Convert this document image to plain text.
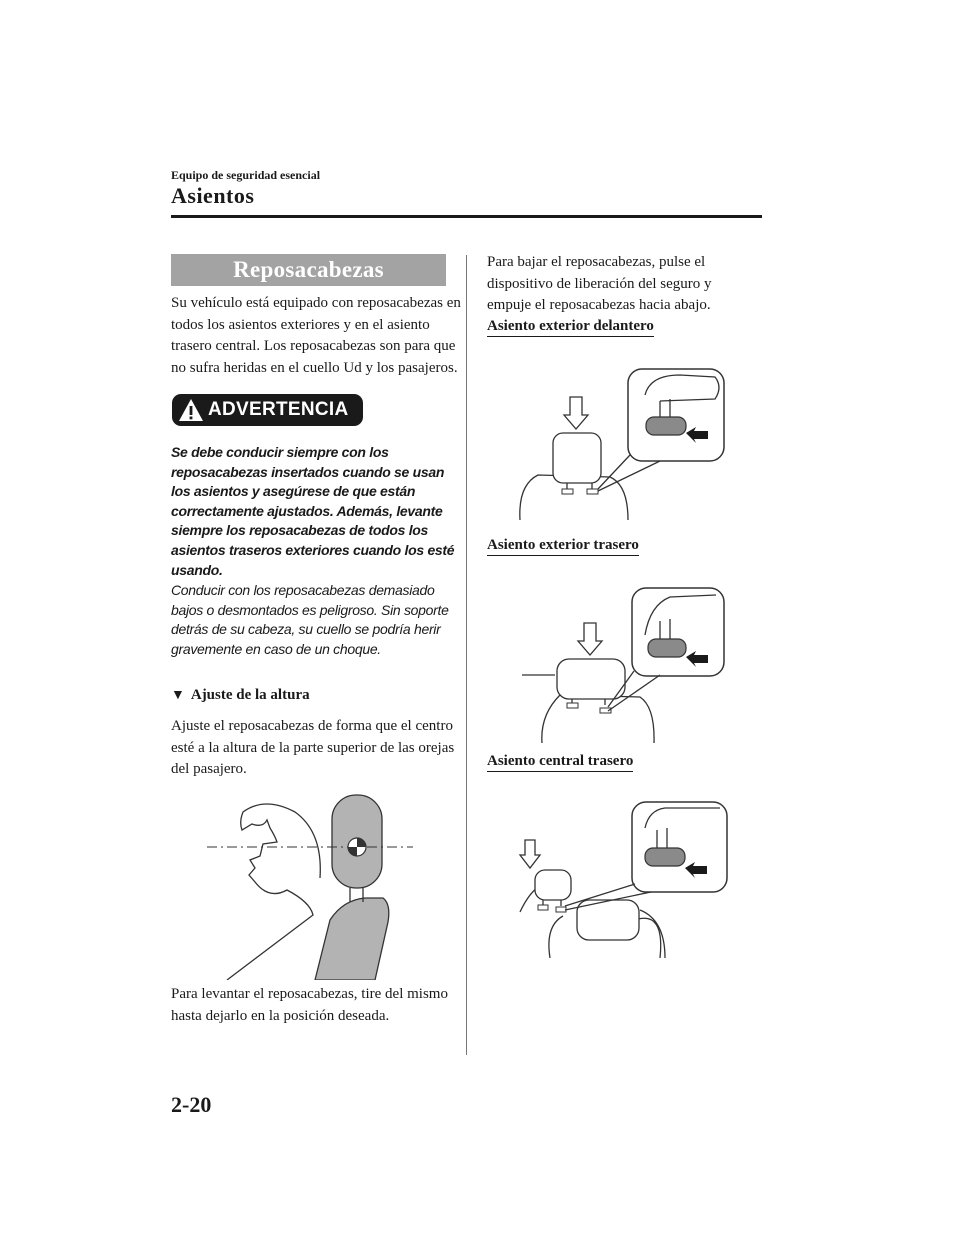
Equipo de seguridad esencial
Asientos
Reposacabezas
Su vehículo está equipado con reposacabezas en todos los asientos exteriores y en el asiento trasero central. Los reposacabezas son para que no sufra heridas en el cuello Ud y los pasajeros.
ADVERTENCIA
Se debe conducir siempre con los reposacabezas insertados cuando se usan los asientos y asegúrese de que están correctamente ajustados. Además, levante siempre los reposacabezas de todos los asientos traseros exteriores cuando los esté usando.
Conducir con los reposacabezas demasiado bajos o desmontados es peligroso. Sin soporte detrás de su cabeza, su cuello se podría herir gravemente en caso de un choque.
▼ Ajuste de la altura
Ajuste el reposacabezas de forma que el centro esté a la altura de la parte superior de las orejas del pasajero.
Para levantar el reposacabezas, tire del mismo hasta dejarlo en la posición deseada.
Para bajar el reposacabezas, pulse el dispositivo de liberación del seguro y empuje el reposacabezas hacia abajo.
Asiento exterior delantero
Asiento exterior trasero
Asiento central trasero
2-20
